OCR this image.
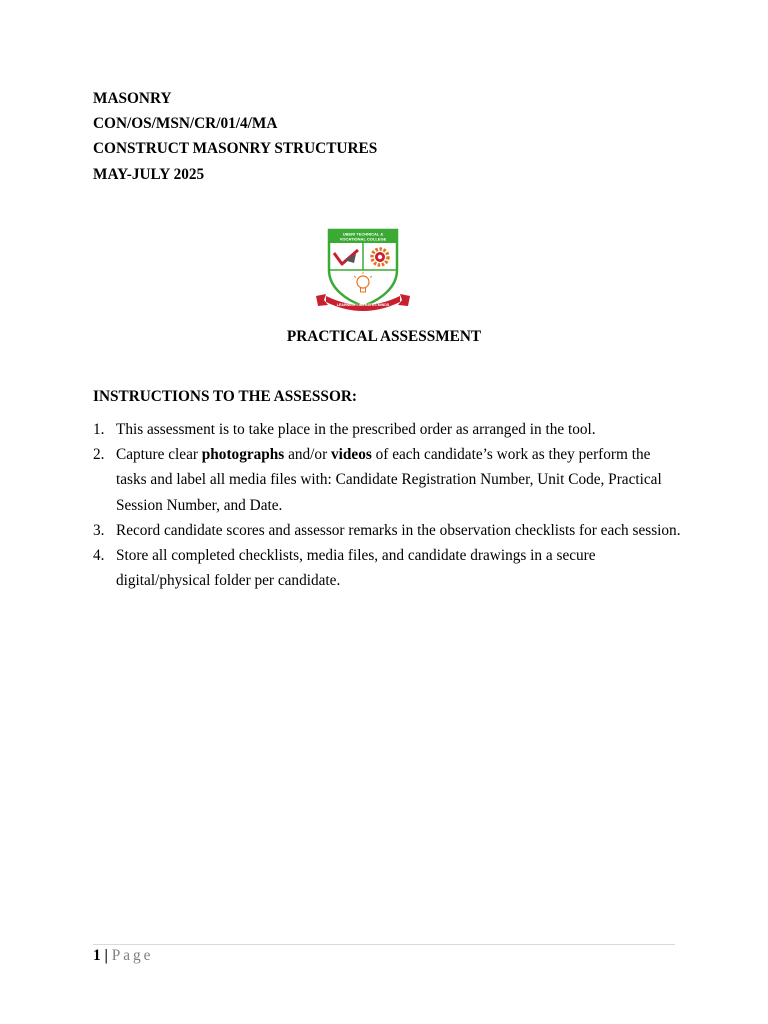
MASONRY

CON/OS/MSN/CR/01/4/MA

CONSTRUCT MASONRY STRUCTURES

MAY-JULY 2025

UBERI TECHNICAL &
VOCATIONAL COLLEGE
LEARNING LIBERATES MINDS
PRACTICAL ASSESSMENT
INSTRUCTIONS TO THE ASSESSOR:
1. This assessment is to take place in the prescribed order as arranged in the tool.
2. Capture clear photographs and/or videos of each candidate’s work as they perform the tasks and label all media files with: Candidate Registration Number, Unit Code, Practical Session Number, and Date.
3. Record candidate scores and assessor remarks in the observation checklists for each session.
4. Store all completed checklists, media files, and candidate drawings in a secure digital/physical folder per candidate.
1 | Page
